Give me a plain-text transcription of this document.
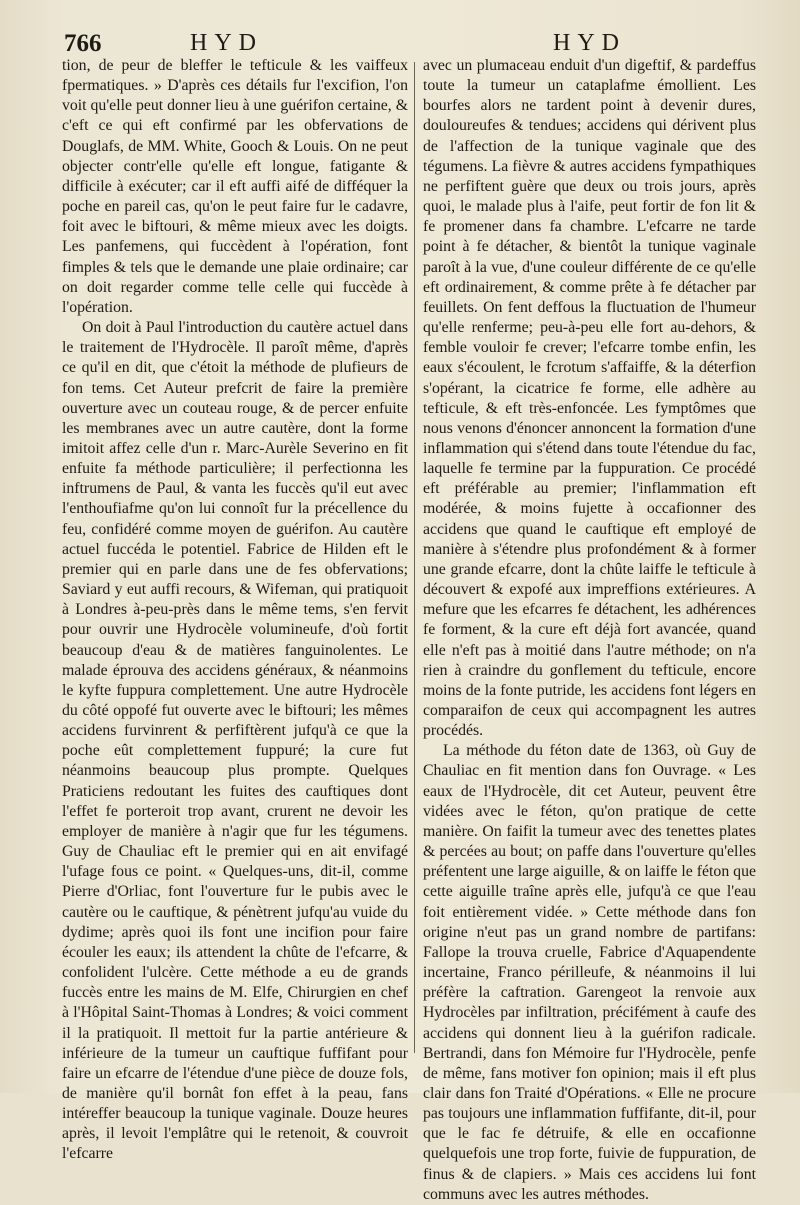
766	HYD	HYD

tion, de peur de bleffer le tefticule & les vaiffeux fpermatiques. » D'après ces détails fur l'excifion, l'on voit qu'elle peut donner lieu à une guérifon certaine, & c'eft ce qui eft confirmé par les obfervations de Douglafs, de MM. White, Gooch & Louis. On ne peut objecter contr'elle qu'elle eft longue, fatigante & difficile à exécuter; car il eft auffi aifé de difféquer la poche en pareil cas, qu'on le peut faire fur le cadavre, foit avec le biftouri, & même mieux avec les doigts. Les panfemens, qui fuccèdent à l'opération, font fimples & tels que le demande une plaie ordinaire; car on doit regarder comme telle celle qui fuccède à l'opération.

On doit à Paul l'introduction du cautère actuel dans le traitement de l'Hydrocèle. Il paroît même, d'après ce qu'il en dit, que c'étoit la méthode de plufieurs de fon tems. Cet Auteur prefcrit de faire la première ouverture avec un couteau rouge, & de percer enfuite les membranes avec un autre cautère, dont la forme imitoit affez celle d'un r. Marc-Aurèle Severino en fit enfuite fa méthode particulière; il perfectionna les inftrumens de Paul, & vanta les fuccès qu'il eut avec l'enthoufiafme qu'on lui connoît fur la précellence du feu, confidéré comme moyen de guérifon. Au cautère actuel fuccéda le potentiel. Fabrice de Hilden eft le premier qui en parle dans une de fes obfervations; Saviard y eut auffi recours, & Wifeman, qui pratiquoit à Londres à-peu-près dans le même tems, s'en fervit pour ouvrir une Hydrocèle volumineufe, d'où fortit beaucoup d'eau & de matières fanguinolentes. Le malade éprouva des accidens généraux, & néanmoins le kyfte fuppura complettement. Une autre Hydrocèle du côté oppofé fut ouverte avec le biftouri; les mêmes accidens furvinrent & perfiftèrent jufqu'à ce que la poche eût complettement fuppuré; la cure fut néanmoins beaucoup plus prompte. Quelques Praticiens redoutant les fuites des cauftiques dont l'effet fe porteroit trop avant, crurent ne devoir les employer de manière à n'agir que fur les tégumens. Guy de Chauliac eft le premier qui en ait envifagé l'ufage fous ce point. « Quelques-uns, dit-il, comme Pierre d'Orliac, font l'ouverture fur le pubis avec le cautère ou le cauftique, & pénètrent jufqu'au vuide du dydime; après quoi ils font une incifion pour faire écouler les eaux; ils attendent la chûte de l'efcarre, & confolident l'ulcère. Cette méthode a eu de grands fuccès entre les mains de M. Elfe, Chirurgien en chef à l'Hôpital Saint-Thomas à Londres; & voici comment il la pratiquoit. Il mettoit fur la partie antérieure & inférieure de la tumeur un cauftique fuffifant pour faire un efcarre de l'étendue d'une pièce de douze fols, de manière qu'il bornât fon effet à la peau, fans intéreffer beaucoup la tunique vaginale. Douze heures après, il levoit l'emplâtre qui le retenoit, & couvroit l'efcarre

avec un plumaceau enduit d'un digeftif, & pardeffus toute la tumeur un cataplafme émollient. Les bourfes alors ne tardent point à devenir dures, douloureufes & tendues; accidens qui dérivent plus de l'affection de la tunique vaginale que des tégumens. La fièvre & autres accidens fympathiques ne perfiftent guère que deux ou trois jours, après quoi, le malade plus à l'aife, peut fortir de fon lit & fe promener dans fa chambre. L'efcarre ne tarde point à fe détacher, & bientôt la tunique vaginale paroît à la vue, d'une couleur différente de ce qu'elle eft ordinairement, & comme prête à fe détacher par feuillets. On fent deffous la fluctuation de l'humeur qu'elle renferme; peu-à-peu elle fort au-dehors, & femble vouloir fe crever; l'efcarre tombe enfin, les eaux s'écoulent, le fcrotum s'affaiffe, & la déterfion s'opérant, la cicatrice fe forme, elle adhère au tefticule, & eft très-enfoncée. Les fymptômes que nous venons d'énoncer annoncent la formation d'une inflammation qui s'étend dans toute l'étendue du fac, laquelle fe termine par la fuppuration. Ce procédé eft préférable au premier; l'inflammation eft modérée, & moins fujette à occafionner des accidens que quand le cauftique eft employé de manière à s'étendre plus profondément & à former une grande efcarre, dont la chûte laiffe le tefticule à découvert & expofé aux impreffions extérieures. A mefure que les efcarres fe détachent, les adhérences fe forment, & la cure eft déjà fort avancée, quand elle n'eft pas à moitié dans l'autre méthode; on n'a rien à craindre du gonflement du tefticule, encore moins de la fonte putride, les accidens font légers en comparaifon de ceux qui accompagnent les autres procédés.

La méthode du féton date de 1363, où Guy de Chauliac en fit mention dans fon Ouvrage. « Les eaux de l'Hydrocèle, dit cet Auteur, peuvent être vidées avec le féton, qu'on pratique de cette manière. On faifit la tumeur avec des tenettes plates & percées au bout; on paffe dans l'ouverture qu'elles préfentent une large aiguille, & on laiffe le féton que cette aiguille traîne après elle, jufqu'à ce que l'eau foit entièrement vidée. » Cette méthode dans fon origine n'eut pas un grand nombre de partifans: Fallope la trouva cruelle, Fabrice d'Aquapendente incertaine, Franco périlleufe, & néanmoins il lui préfère la caftration. Garengeot la renvoie aux Hydrocèles par infiltration, précifément à caufe des accidens qui donnent lieu à la guérifon radicale. Bertrandi, dans fon Mémoire fur l'Hydrocèle, penfe de même, fans motiver fon opinion; mais il eft plus clair dans fon Traité d'Opérations. « Elle ne procure pas toujours une inflammation fuffifante, dit-il, pour que le fac fe détruife, & elle en occafionne quelquefois une trop forte, fuivie de fuppuration, de finus & de clapiers. » Mais ces accidens lui font communs avec les autres méthodes.
